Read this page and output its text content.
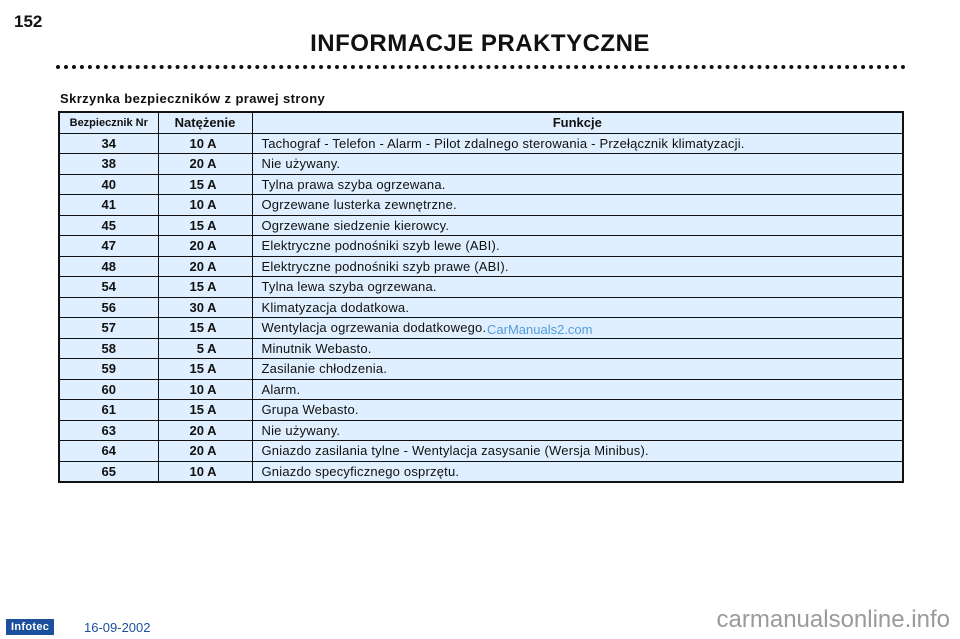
152
INFORMACJE PRAKTYCZNE
Skrzynka bezpieczników z prawej strony
Bezpiecznik Nr	Natężenie	Funkcje
34	10 A	Tachograf - Telefon - Alarm - Pilot zdalnego sterowania - Przełącznik klimatyzacji.
38	20 A	Nie używany.
40	15 A	Tylna prawa szyba ogrzewana.
41	10 A	Ogrzewane lusterka zewnętrzne.
45	15 A	Ogrzewane siedzenie kierowcy.
47	20 A	Elektryczne podnośniki szyb lewe (ABI).
48	20 A	Elektryczne podnośniki szyb prawe (ABI).
54	15 A	Tylna lewa szyba ogrzewana.
56	30 A	Klimatyzacja dodatkowa.
57	15 A	Wentylacja ogrzewania dodatkowego.
58	5 A	Minutnik Webasto.
59	15 A	Zasilanie chłodzenia.
60	10 A	Alarm.
61	15 A	Grupa Webasto.
63	20 A	Nie używany.
64	20 A	Gniazdo zasilania tylne - Wentylacja zasysanie (Wersja Minibus).
65	10 A	Gniazdo specyficznego osprzętu.
CarManuals2.com
Infotec	16-09-2002	carmanualsonline.info
